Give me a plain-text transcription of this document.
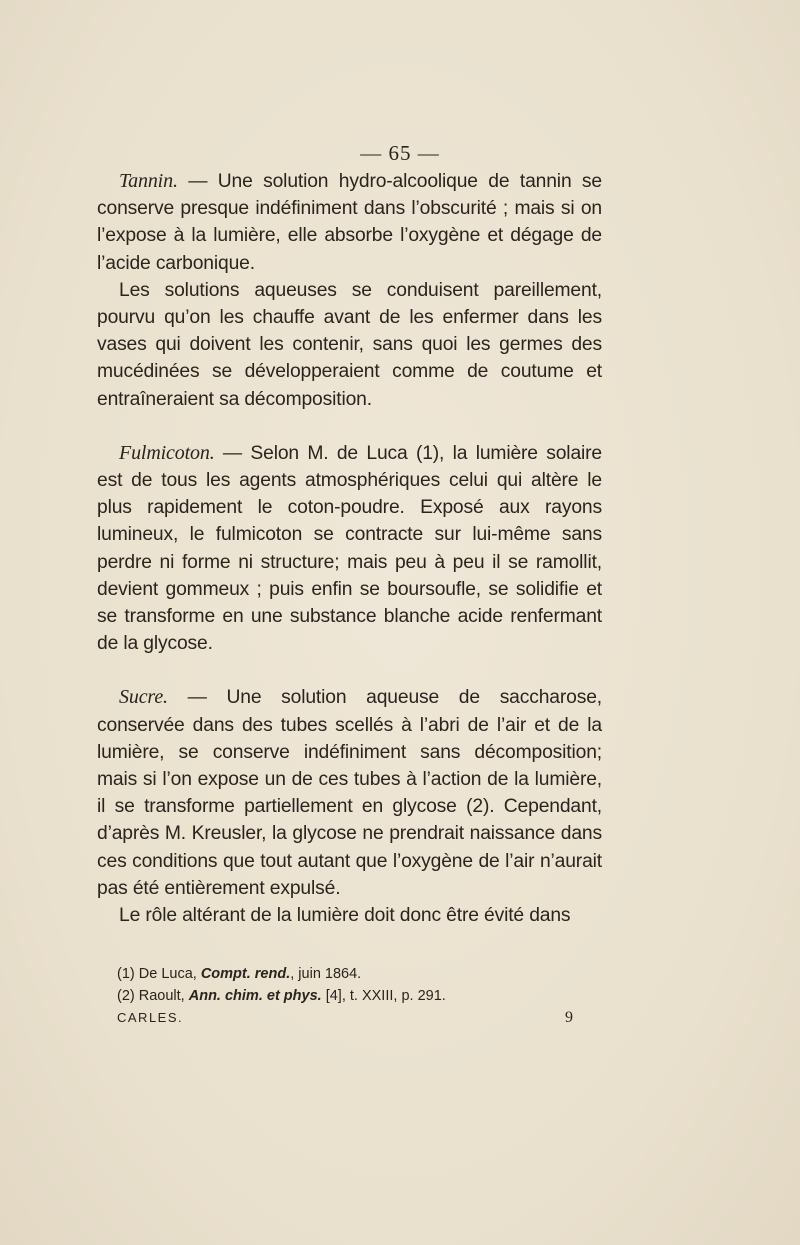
— 65 —

Tannin. — Une solution hydro-alcoolique de tannin se conserve presque indéfiniment dans l’obscurité ; mais si on l’expose à la lumière, elle absorbe l’oxygène et dégage de l’acide carbonique.

Les solutions aqueuses se conduisent pareillement, pourvu qu’on les chauffe avant de les enfermer dans les vases qui doivent les contenir, sans quoi les germes des mucédinées se développeraient comme de coutume et entraîneraient sa décomposition.

Fulmicoton. — Selon M. de Luca (1), la lumière solaire est de tous les agents atmosphériques celui qui altère le plus rapidement le coton-poudre. Exposé aux rayons lumineux, le fulmicoton se contracte sur lui-même sans perdre ni forme ni structure; mais peu à peu il se ramollit, devient gommeux ; puis enfin se boursoufle, se solidifie et se transforme en une substance blanche acide renfermant de la glycose.

Sucre. — Une solution aqueuse de saccharose, conservée dans des tubes scellés à l’abri de l’air et de la lumière, se conserve indéfiniment sans décomposition; mais si l’on expose un de ces tubes à l’action de la lumière, il se transforme partiellement en glycose (2). Cependant, d’après M. Kreusler, la glycose ne prendrait naissance dans ces conditions que tout autant que l’oxygène de l’air n’aurait pas été entièrement expulsé.

Le rôle altérant de la lumière doit donc être évité dans

(1) De Luca, Compt. rend., juin 1864.
(2) Raoult, Ann. chim. et phys. [4], t. XXIII, p. 291.
CARLES.	9
